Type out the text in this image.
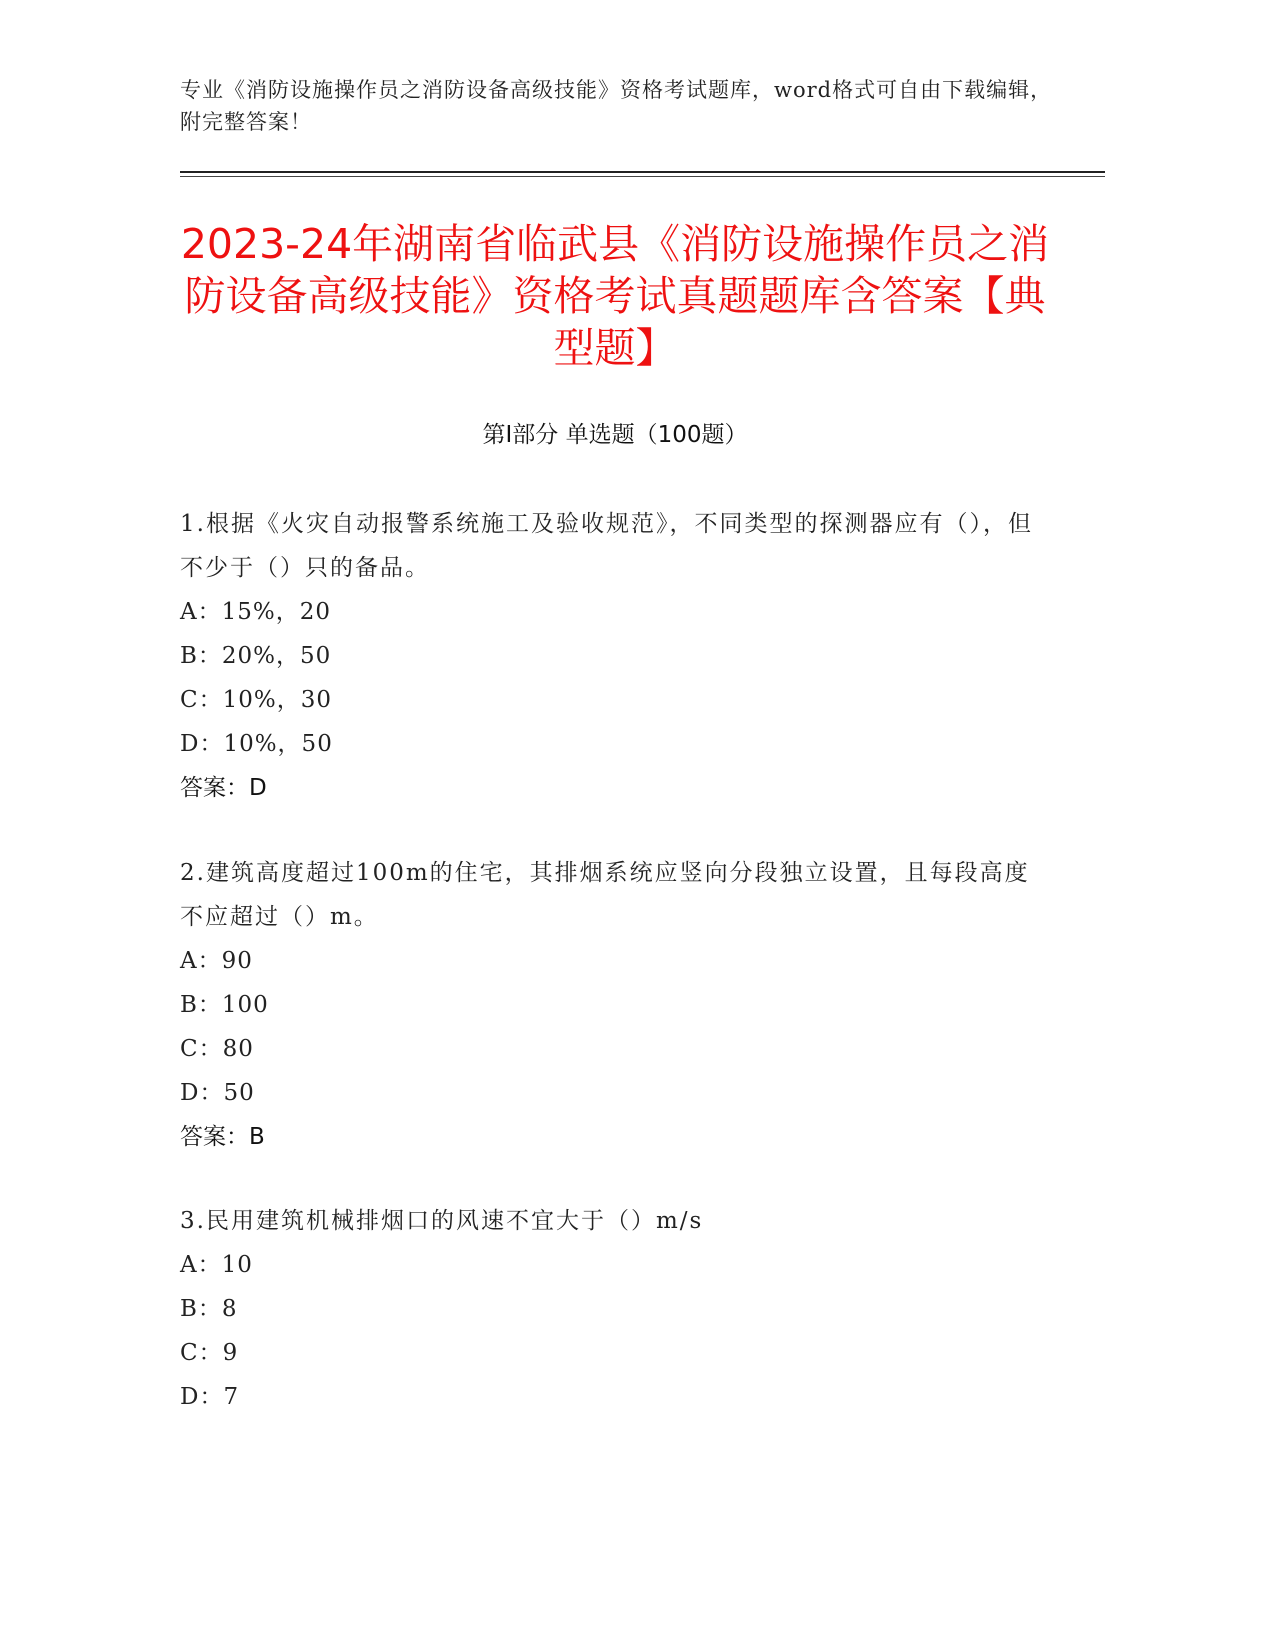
专业《消防设施操作员之消防设备高级技能》资格考试题库，word格式可自由下载编辑，附完整答案！
2023-24年湖南省临武县《消防设施操作员之消防设备高级技能》资格考试真题题库含答案【典型题】
第I部分 单选题（100题）
1.根据《火灾自动报警系统施工及验收规范》，不同类型的探测器应有（），但不少于（）只的备品。
A：15%，20
B：20%，50
C：10%，30
D：10%，50
答案：D
2.建筑高度超过100m的住宅，其排烟系统应竖向分段独立设置，且每段高度不应超过（）m。
A：90
B：100
C：80
D：50
答案：B
3.民用建筑机械排烟口的风速不宜大于（）m/s
A：10
B：8
C：9
D：7
